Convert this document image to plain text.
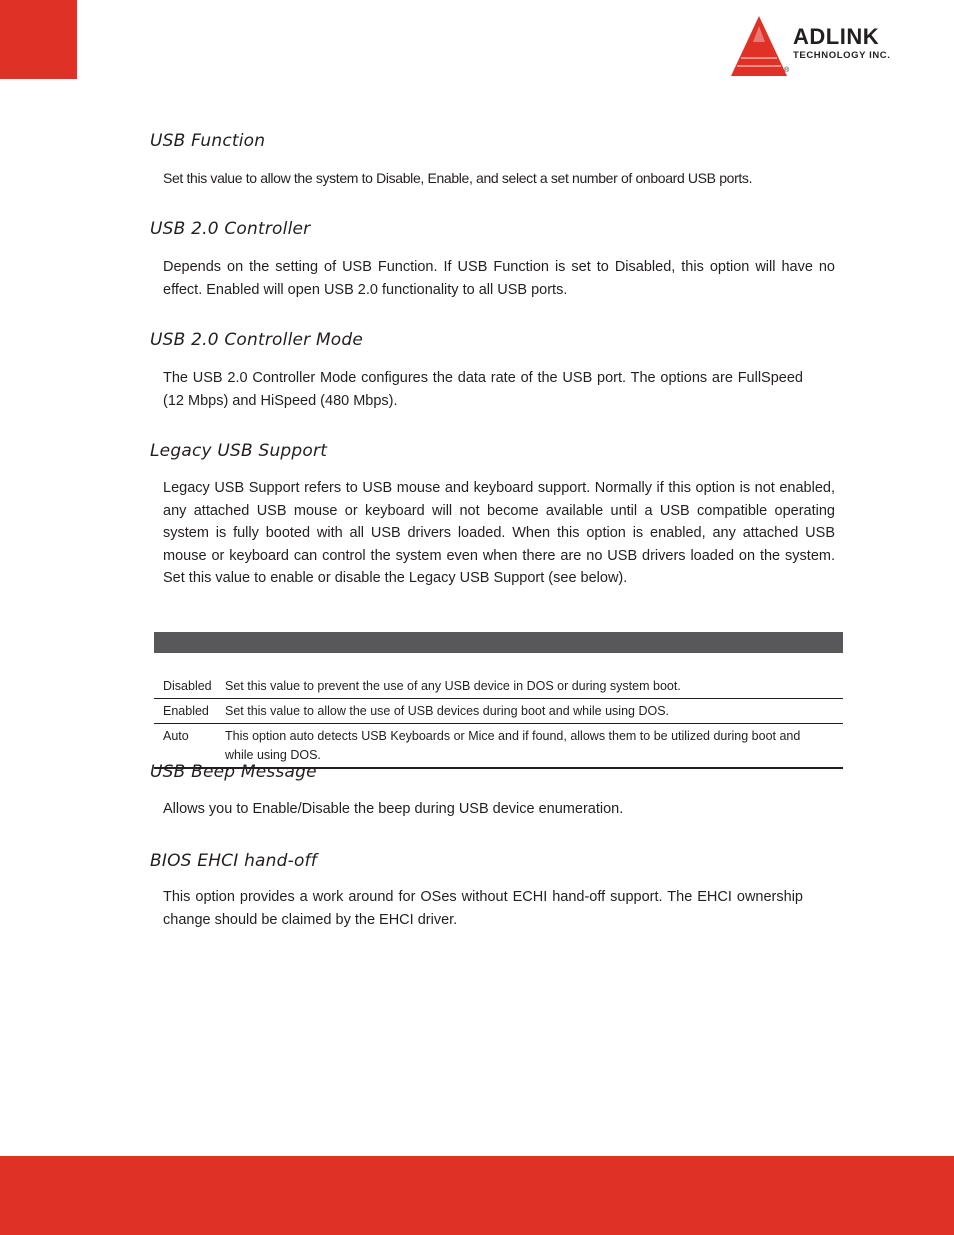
ADLINK
TECHNOLOGY INC.
®
USB Function

Set this value to allow the system to Disable, Enable, and select a set number of onboard USB ports.

USB 2.0 Controller

Depends on the setting of USB Function. If USB Function is set to Disabled, this option will have no effect. Enabled will open USB 2.0 functionality to all USB ports.

USB 2.0 Controller Mode

The USB 2.0 Controller Mode configures the data rate of the USB port. The options are FullSpeed (12 Mbps) and HiSpeed (480 Mbps).

Legacy USB Support

Legacy USB Support refers to USB mouse and keyboard support. Normally if this option is not enabled, any attached USB mouse or keyboard will not become available until a USB compatible operating system is fully booted with all USB drivers loaded. When this option is enabled, any attached USB mouse or keyboard can control the system even when there are no USB drivers loaded on the system. Set this value to enable or disable the Legacy USB Support (see below).

Disabled	Set this value to prevent the use of any USB device in DOS or during system boot.
Enabled	Set this value to allow the use of USB devices during boot and while using DOS.
Auto	This option auto detects USB Keyboards or Mice and if found, allows them to be utilized during boot and while using DOS.
USB Beep Message

Allows you to Enable/Disable the beep during USB device enumeration.

BIOS EHCI hand-off

This option provides a work around for OSes without ECHI hand-off support. The EHCI ownership change should be claimed by the EHCI driver.
